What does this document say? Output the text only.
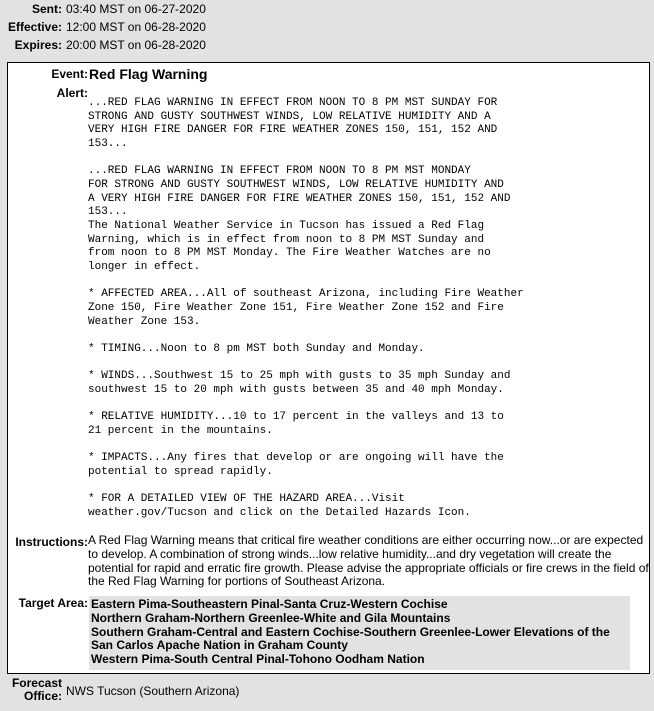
Sent: 03:40 MST on 06-27-2020
Effective: 12:00 MST on 06-28-2020
Expires: 20:00 MST on 06-28-2020
Event: Red Flag Warning
Alert:
...RED FLAG WARNING IN EFFECT FROM NOON TO 8 PM MST SUNDAY FOR
STRONG AND GUSTY SOUTHWEST WINDS, LOW RELATIVE HUMIDITY AND A
VERY HIGH FIRE DANGER FOR FIRE WEATHER ZONES 150, 151, 152 AND
153...

...RED FLAG WARNING IN EFFECT FROM NOON TO 8 PM MST MONDAY
FOR STRONG AND GUSTY SOUTHWEST WINDS, LOW RELATIVE HUMIDITY AND
A VERY HIGH FIRE DANGER FOR FIRE WEATHER ZONES 150, 151, 152 AND
153...
The National Weather Service in Tucson has issued a Red Flag
Warning, which is in effect from noon to 8 PM MST Sunday and
from noon to 8 PM MST Monday. The Fire Weather Watches are no
longer in effect.

* AFFECTED AREA...All of southeast Arizona, including Fire Weather
Zone 150, Fire Weather Zone 151, Fire Weather Zone 152 and Fire
Weather Zone 153.

* TIMING...Noon to 8 pm MST both Sunday and Monday.

* WINDS...Southwest 15 to 25 mph with gusts to 35 mph Sunday and
southwest 15 to 20 mph with gusts between 35 and 40 mph Monday.

* RELATIVE HUMIDITY...10 to 17 percent in the valleys and 13 to
21 percent in the mountains.

* IMPACTS...Any fires that develop or are ongoing will have the
potential to spread rapidly.

* FOR A DETAILED VIEW OF THE HAZARD AREA...Visit
weather.gov/Tucson and click on the Detailed Hazards Icon.
Instructions: A Red Flag Warning means that critical fire weather conditions are either occurring now...or are expected to develop. A combination of strong winds...low relative humidity...and dry vegetation will create the potential for rapid and erratic fire growth. Please advise the appropriate officials or fire crews in the field of the Red Flag Warning for portions of Southeast Arizona.
Target Area: Eastern Pima-Southeastern Pinal-Santa Cruz-Western Cochise
Northern Graham-Northern Greenlee-White and Gila Mountains
Southern Graham-Central and Eastern Cochise-Southern Greenlee-Lower Elevations of the
San Carlos Apache Nation in Graham County
Western Pima-South Central Pinal-Tohono Oodham Nation
Forecast
Office: NWS Tucson (Southern Arizona)
